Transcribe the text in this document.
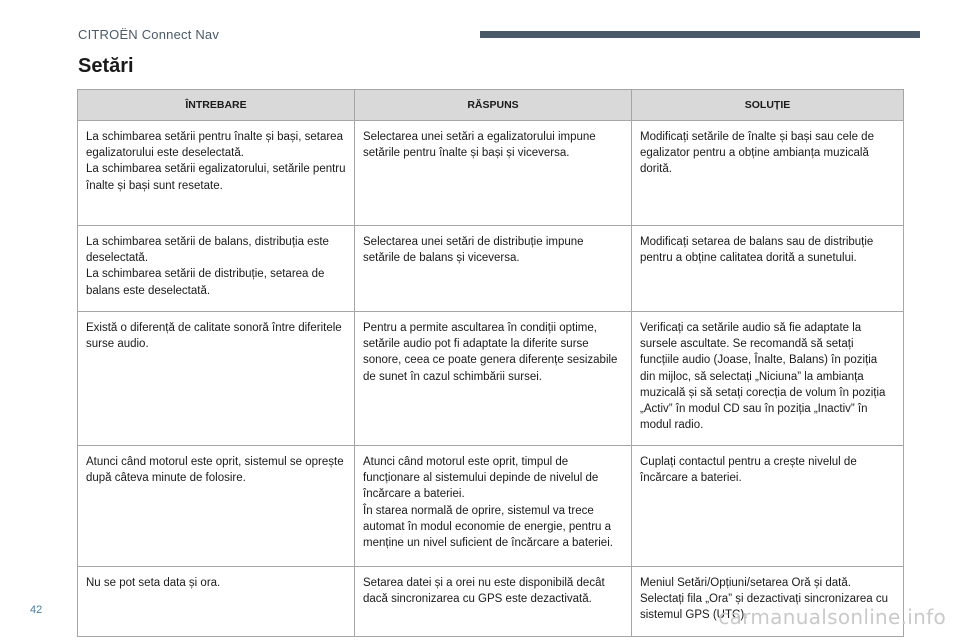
CITROËN Connect Nav
Setări
ÎNTREBARE	RĂSPUNS	SOLUȚIE

La schimbarea setării pentru înalte și bași, setarea egalizatorului este deselectată.
La schimbarea setării egalizatorului, setările pentru înalte și bași sunt resetate.	Selectarea unei setări a egalizatorului impune setările pentru înalte și bași și viceversa.	Modificați setările de înalte și bași sau cele de egalizator pentru a obține ambianța muzicală dorită.

La schimbarea setării de balans, distribuția este deselectată.
La schimbarea setării de distribuție, setarea de balans este deselectată.	Selectarea unei setări de distribuție impune setările de balans și viceversa.	Modificați setarea de balans sau de distribuție pentru a obține calitatea dorită a sunetului.

Există o diferență de calitate sonoră între diferitele surse audio.	Pentru a permite ascultarea în condiții optime, setările audio pot fi adaptate la diferite surse sonore, ceea ce poate genera diferențe sesizabile de sunet în cazul schimbării sursei.	Verificați ca setările audio să fie adaptate la sursele ascultate. Se recomandă să setați funcțiile audio (Joase, Înalte, Balans) în poziția din mijloc, să selectați „Niciuna” la ambianța muzicală și să setați corecția de volum în poziția „Activ” în modul CD sau în poziția „Inactiv” în modul radio.

Atunci când motorul este oprit, sistemul se oprește după câteva minute de folosire.	Atunci când motorul este oprit, timpul de funcționare al sistemului depinde de nivelul de încărcare a bateriei.
În starea normală de oprire, sistemul va trece automat în modul economie de energie, pentru a menține un nivel suficient de încărcare a bateriei.	Cuplați contactul pentru a crește nivelul de încărcare a bateriei.

Nu se pot seta data și ora.	Setarea datei și a orei nu este disponibilă decât dacă sincronizarea cu GPS este dezactivată.	Meniul Setări/Opțiuni/setarea Oră și dată. Selectați fila „Ora” și dezactivați sincronizarea cu sistemul GPS (UTC).
42	carmanualsonline.info
